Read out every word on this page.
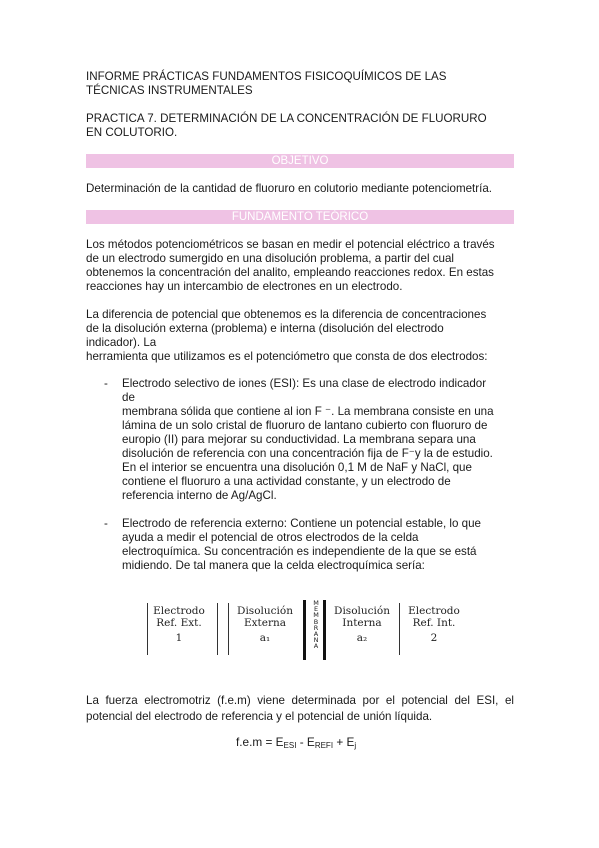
INFORME PRÁCTICAS FUNDAMENTOS FISICOQUÍMICOS DE LAS
TÉCNICAS INSTRUMENTALES
PRACTICA 7. DETERMINACIÓN DE LA CONCENTRACIÓN DE FLUORURO
EN COLUTORIO.
OBJETIVO
Determinación de la cantidad de fluoruro en colutorio mediante potenciometría.
FUNDAMENTO TEÓRICO
Los métodos potenciométricos se basan en medir el potencial eléctrico a través
de un electrodo sumergido en una disolución problema, a partir del cual
obtenemos la concentración del analito, empleando reacciones redox. En estas
reacciones hay un intercambio de electrones en un electrodo.
La diferencia de potencial que obtenemos es la diferencia de concentraciones
de la disolución externa (problema) e interna (disolución del electrodo
indicador). La
herramienta que utilizamos es el potenciómetro que consta de dos electrodos:
- Electrodo selectivo de iones (ESI): Es una clase de electrodo indicador
de
membrana sólida que contiene al ion F ⁻. La membrana consiste en una
lámina de un solo cristal de fluoruro de lantano cubierto con fluoruro de
europio (II) para mejorar su conductividad. La membrana separa una
disolución de referencia con una concentración fija de F⁻y la de estudio.
En el interior se encuentra una disolución 0,1 M de NaF y NaCl, que
contiene el fluoruro a una actividad constante, y un electrodo de
referencia interno de Ag/AgCl.
- Electrodo de referencia externo: Contiene un potencial estable, lo que
ayuda a medir el potencial de otros electrodos de la celda
electroquímica. Su concentración es independiente de la que se está
midiendo. De tal manera que la celda electroquímica sería:
Electrodo
Ref. Ext.
1
Disolución
Externa
a₁
M
E
M
B
R
A
N
A
Disolución
Interna
a₂
Electrodo
Ref. Int.
2
La fuerza electromotriz (f.e.m) viene determinada por el potencial del ESI, el
potencial del electrodo de referencia y el potencial de unión líquida.
$f.e.m = E_{ESI} - E_{REFI} + E_j$
